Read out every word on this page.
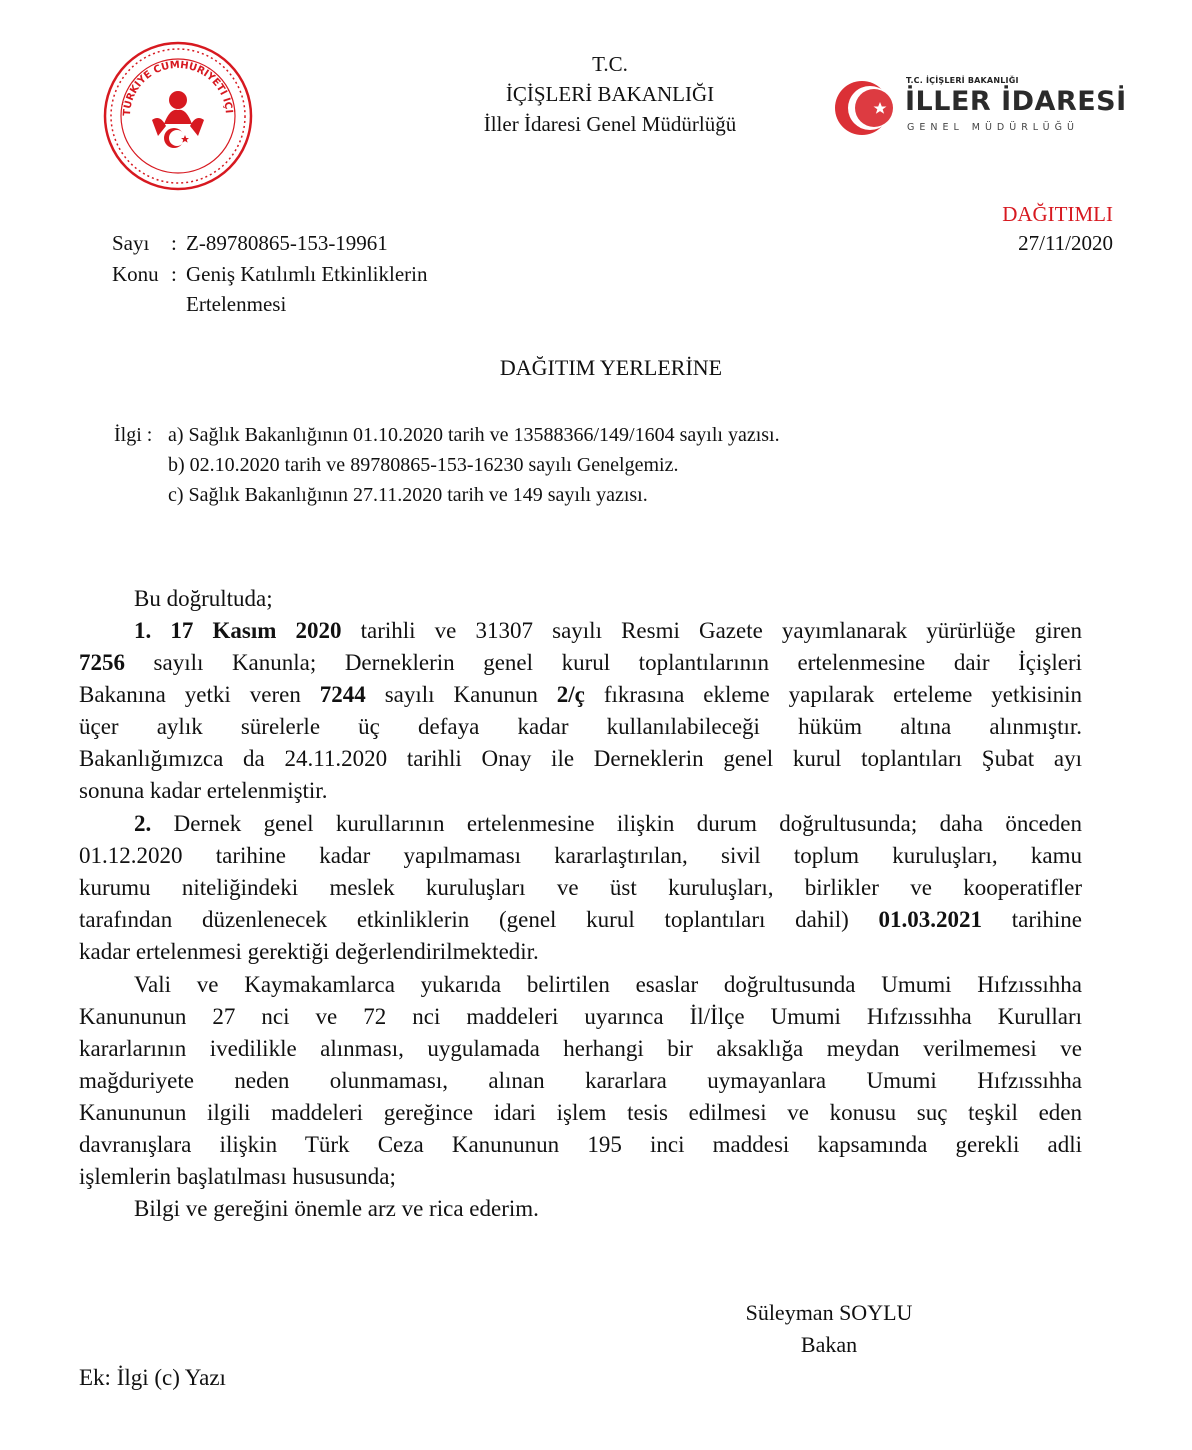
TÜRKİYE CUMHURİYETİ İÇİ
T.C.
İÇİŞLERİ BAKANLIĞI
İller İdaresi Genel Müdürlüğü
T.C. İÇİŞLERİ BAKANLIĞI
İLLER İDARESİ
GENEL MÜDÜRLÜĞÜ
DAĞITIMLI
27/11/2020
Sayı : Z-89780865-153-19961
Konu : Geniş Katılımlı Etkinliklerin
Ertelenmesi
DAĞITIM YERLERİNE
İlgi : a) Sağlık Bakanlığının 01.10.2020 tarih ve 13588366/149/1604 sayılı yazısı.
b) 02.10.2020 tarih ve 89780865-153-16230 sayılı Genelgemiz.
c) Sağlık Bakanlığının 27.11.2020 tarih ve 149 sayılı yazısı.
Bu doğrultuda;
1. 17 Kasım 2020 tarihli ve 31307 sayılı Resmi Gazete yayımlanarak yürürlüğe giren
7256 sayılı Kanunla; Derneklerin genel kurul toplantılarının ertelenmesine dair İçişleri
Bakanına yetki veren 7244 sayılı Kanunun 2/ç fıkrasına ekleme yapılarak erteleme yetkisinin
üçer aylık sürelerle üç defaya kadar kullanılabileceği hüküm altına alınmıştır.
Bakanlığımızca da 24.11.2020 tarihli Onay ile Derneklerin genel kurul toplantıları Şubat ayı
sonuna kadar ertelenmiştir.
2. Dernek genel kurullarının ertelenmesine ilişkin durum doğrultusunda; daha önceden
01.12.2020 tarihine kadar yapılmaması kararlaştırılan, sivil toplum kuruluşları, kamu
kurumu niteliğindeki meslek kuruluşları ve üst kuruluşları, birlikler ve kooperatifler
tarafından düzenlenecek etkinliklerin (genel kurul toplantıları dahil) 01.03.2021 tarihine
kadar ertelenmesi gerektiği değerlendirilmektedir.
Vali ve Kaymakamlarca yukarıda belirtilen esaslar doğrultusunda Umumi Hıfzıssıhha
Kanununun 27 nci ve 72 nci maddeleri uyarınca İl/İlçe Umumi Hıfzıssıhha Kurulları
kararlarının ivedilikle alınması, uygulamada herhangi bir aksaklığa meydan verilmemesi ve
mağduriyete neden olunmaması, alınan kararlara uymayanlara Umumi Hıfzıssıhha
Kanununun ilgili maddeleri gereğince idari işlem tesis edilmesi ve konusu suç teşkil eden
davranışlara ilişkin Türk Ceza Kanununun 195 inci maddesi kapsamında gerekli adli
işlemlerin başlatılması hususunda;
Bilgi ve gereğini önemle arz ve rica ederim.
Süleyman SOYLU
Bakan
Ek: İlgi (c) Yazı
